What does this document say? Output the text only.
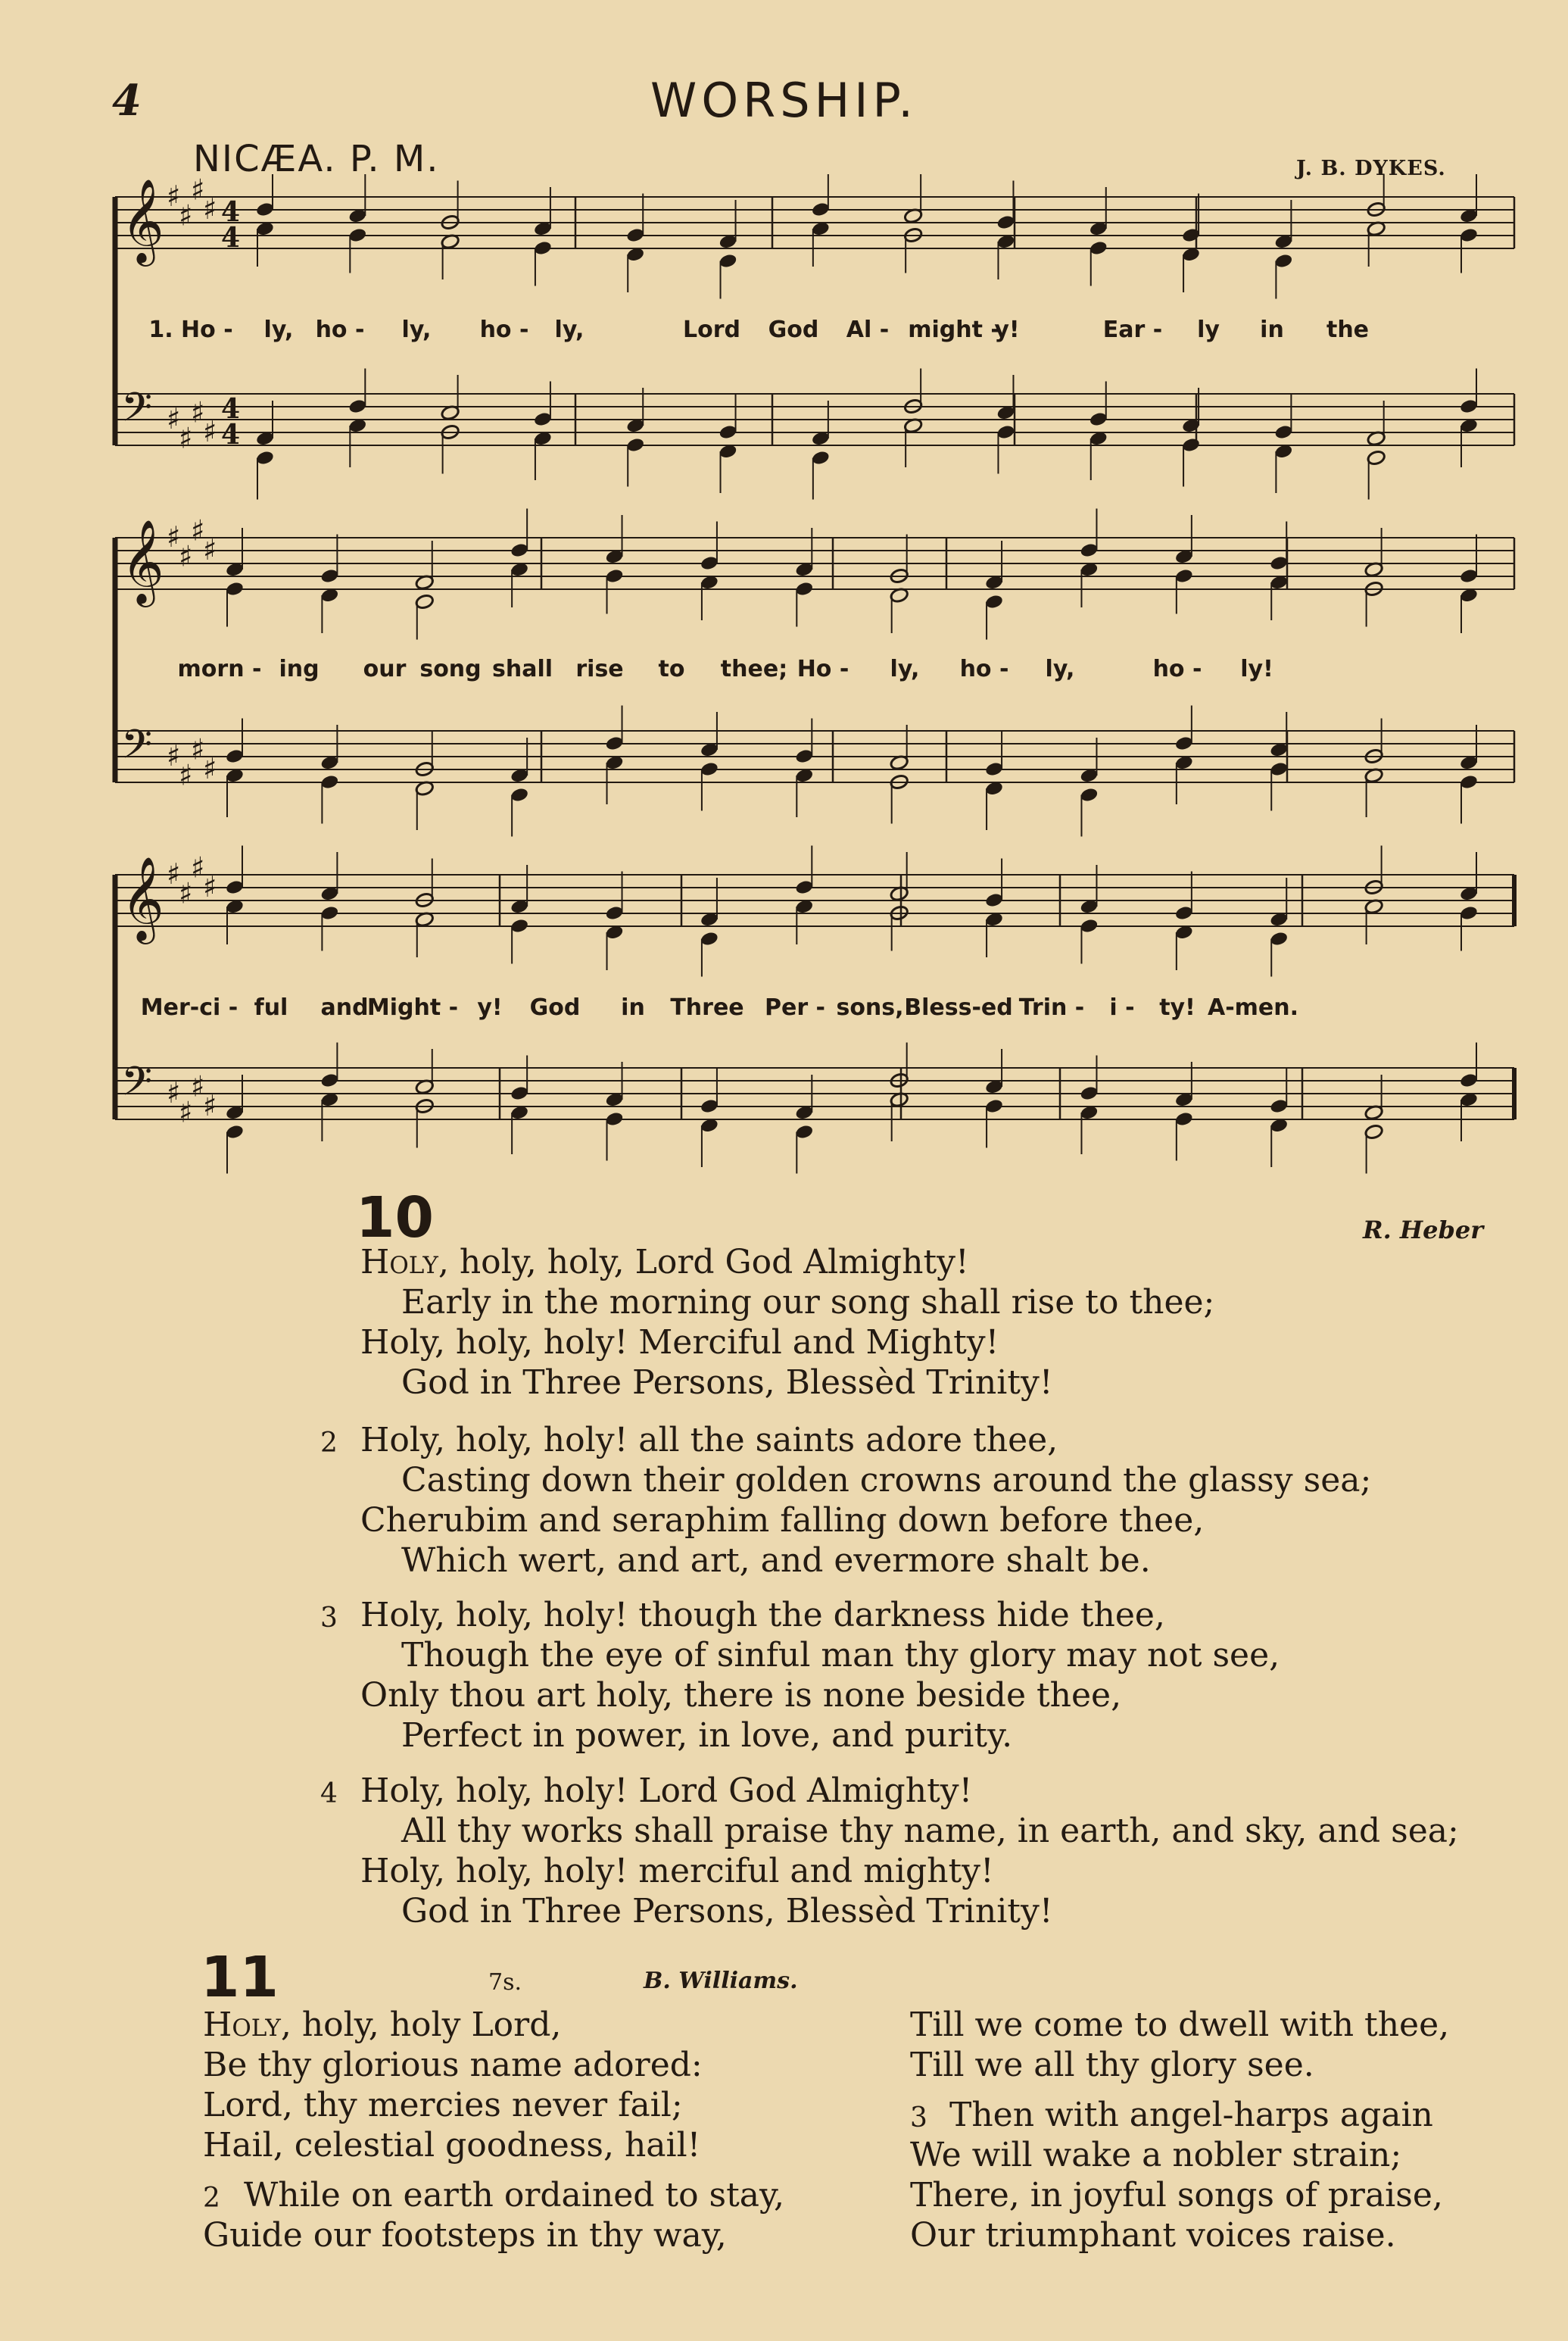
4	WORSHIP.
NICÆA. P. M.	J. B. DYKES.
𝄞 ♯
♯
♯
♯ 4
4
𝄢 ♯
♯
♯
♯
4
4
𝄞 ♯
♯
♯
♯
𝄢 ♯
♯
♯
♯
𝄞 ♯
♯
♯
♯
𝄢 ♯
♯
♯
♯
1. Ho - ly, ho - ly, ho - ly,	Lord God Al - might -
y!	Ear - ly in the
morn - ing our song shall rise to thee; Ho - ly, ho - ly,	ho - ly!
Mer-ci - ful and
Might - y! God in Three Per - sons, Bless-ed Trin - i - ty! A-men.
10	R. Heber
Holy, holy, holy, Lord God Almighty!
Early in the morning our song shall rise to thee;
Holy, holy, holy! Merciful and Mighty!
God in Three Persons, Blessèd Trinity!
2 Holy, holy, holy! all the saints adore thee,
Casting down their golden crowns around the glassy sea;
Cherubim and seraphim falling down before thee,
Which wert, and art, and evermore shalt be.
3 Holy, holy, holy! though the darkness hide thee,
Though the eye of sinful man thy glory may not see,
Only thou art holy, there is none beside thee,
Perfect in power, in love, and purity.
4 Holy, holy, holy! Lord God Almighty!
All thy works shall praise thy name, in earth, and sky, and sea;
Holy, holy, holy! merciful and mighty!
God in Three Persons, Blessèd Trinity!
11	7s.	B. Williams.
Holy, holy, holy Lord,
Be thy glorious name adored:
Lord, thy mercies never fail;
Hail, celestial goodness, hail!
2 While on earth ordained to stay,
Guide our footsteps in thy way,
Till we come to dwell with thee,
Till we all thy glory see.
3 Then with angel-harps again
We will wake a nobler strain;
There, in joyful songs of praise,
Our triumphant voices raise.
